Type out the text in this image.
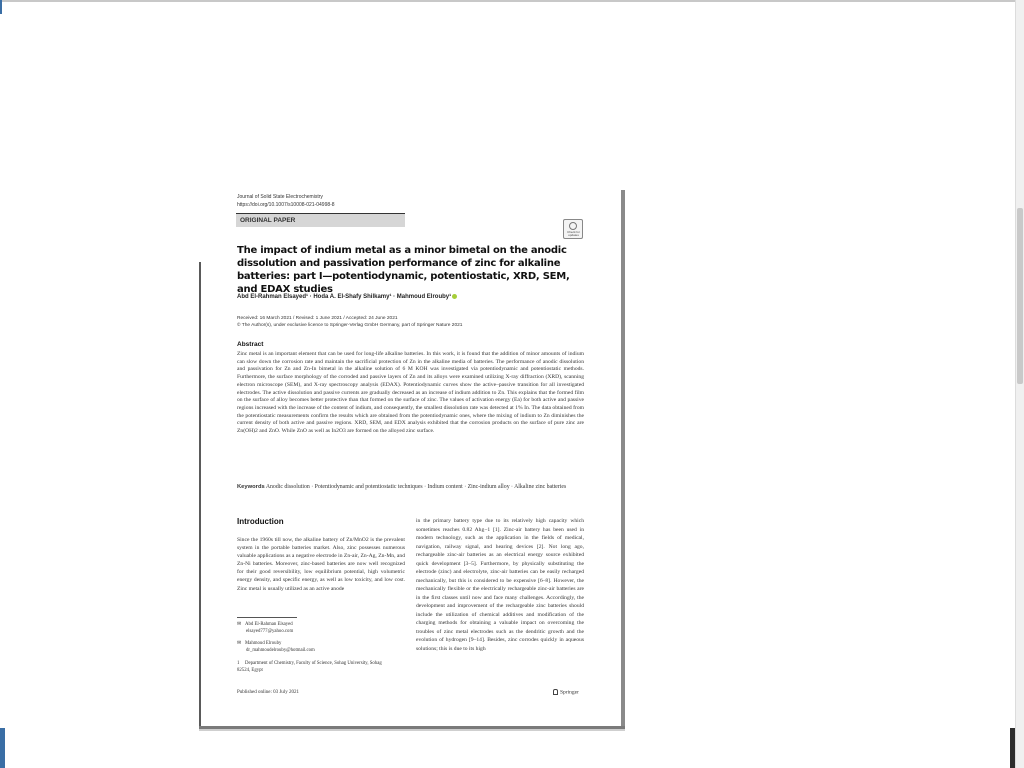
Journal of Solid State Electrochemistry
https://doi.org/10.1007/s10008-021-04998-8
ORIGINAL PAPER
Check for updates
The impact of indium metal as a minor bimetal on the anodic dissolution and passivation performance of zinc for alkaline batteries: part I—potentiodynamic, potentiostatic, XRD, SEM, and EDAX studies
Abd El-Rahman Elsayed¹ · Hoda A. El-Shafy Shilkamy¹ · Mahmoud Elrouby¹
Received: 16 March 2021 / Revised: 1 June 2021 / Accepted: 24 June 2021
© The Author(s), under exclusive licence to Springer-Verlag GmbH Germany, part of Springer Nature 2021
Abstract
Zinc metal is an important element that can be used for long-life alkaline batteries. In this work, it is found that the addition of minor amounts of indium can slow down the corrosion rate and maintain the sacrificial protection of Zn in the alkaline media of batteries. The performance of anodic dissolution and passivation for Zn and Zn-In bimetal in the alkaline solution of 6 M KOH was investigated via potentiodynamic and potentiostatic methods. Furthermore, the surface morphology of the corroded and passive layers of Zn and its alloys were examined utilizing X-ray diffraction (XRD), scanning electron microscope (SEM), and X-ray spectroscopy analysis (EDAX). Potentiodynamic curves show the active–passive transition for all investigated electrodes. The active dissolution and passive currents are gradually decreased as an increase of indium addition to Zn. This explains that the formed film on the surface of alloy becomes better protective than that formed on the surface of zinc. The values of activation energy (Ea) for both active and passive regions increased with the increase of the content of indium, and consequently, the smallest dissolution rate was detected at 1% In. The data obtained from the potentiostatic measurements confirm the results which are obtained from the potentiodynamic ones, where the mixing of indium to Zn diminishes the current density of both active and passive regions. XRD, SEM, and EDX analysis exhibited that the corrosion products on the surface of pure zinc are Zn(OH)2 and ZnO. While ZnO as well as In2O3 are formed on the alloyed zinc surface.
Keywords Anodic dissolution · Potentiodynamic and potentiostatic techniques · Indium content · Zinc-indium alloy · Alkaline zinc batteries
Introduction
Since the 1960s till now, the alkaline battery of Zn/MnO2 is the prevalent system in the portable batteries market. Also, zinc possesses numerous valuable applications as a negative electrode in Zn-air, Zn-Ag, Zn-Mn, and Zn-Ni batteries. Moreover, zinc-based batteries are now well recognized for their good reversibility, low equilibrium potential, high volumetric energy density, and specific energy, as well as low toxicity, and low cost. Zinc metal is usually utilized as an active anode
in the primary battery type due to its relatively high capacity which sometimes reaches 0.82 Ahg−1 [1]. Zinc-air battery has been used in modern technology, such as the application in the fields of medical, navigation, railway signal, and hearing devices [2]. Not long ago, rechargeable zinc-air batteries as an electrical energy source exhibited quick development [3–5]. Furthermore, by physically substituting the electrode (zinc) and electrolyte, zinc-air batteries can be easily recharged mechanically, but this is considered to be expensive [6–8]. However, the mechanically flexible or the electrically rechargeable zinc-air batteries are in the first classes until now and face many challenges. Accordingly, the development and improvement of the rechargeable zinc batteries should include the utilization of chemical additives and modification of the charging methods for obtaining a valuable impact on overcoming the troubles of zinc metal electrodes such as the dendritic growth and the evolution of hydrogen [9–14]. Besides, zinc corrodes quickly in aqueous solutions; this is due to its high
✉ Abd El-Rahman Elsayed
elsayed777@yahoo.com
✉ Mahmoud Elrouby
dr_mahmoudelrouby@hotmail.com
1 Department of Chemistry, Faculty of Science, Sohag University, Sohag 82524, Egypt
Published online: 03 July 2021	Springer
